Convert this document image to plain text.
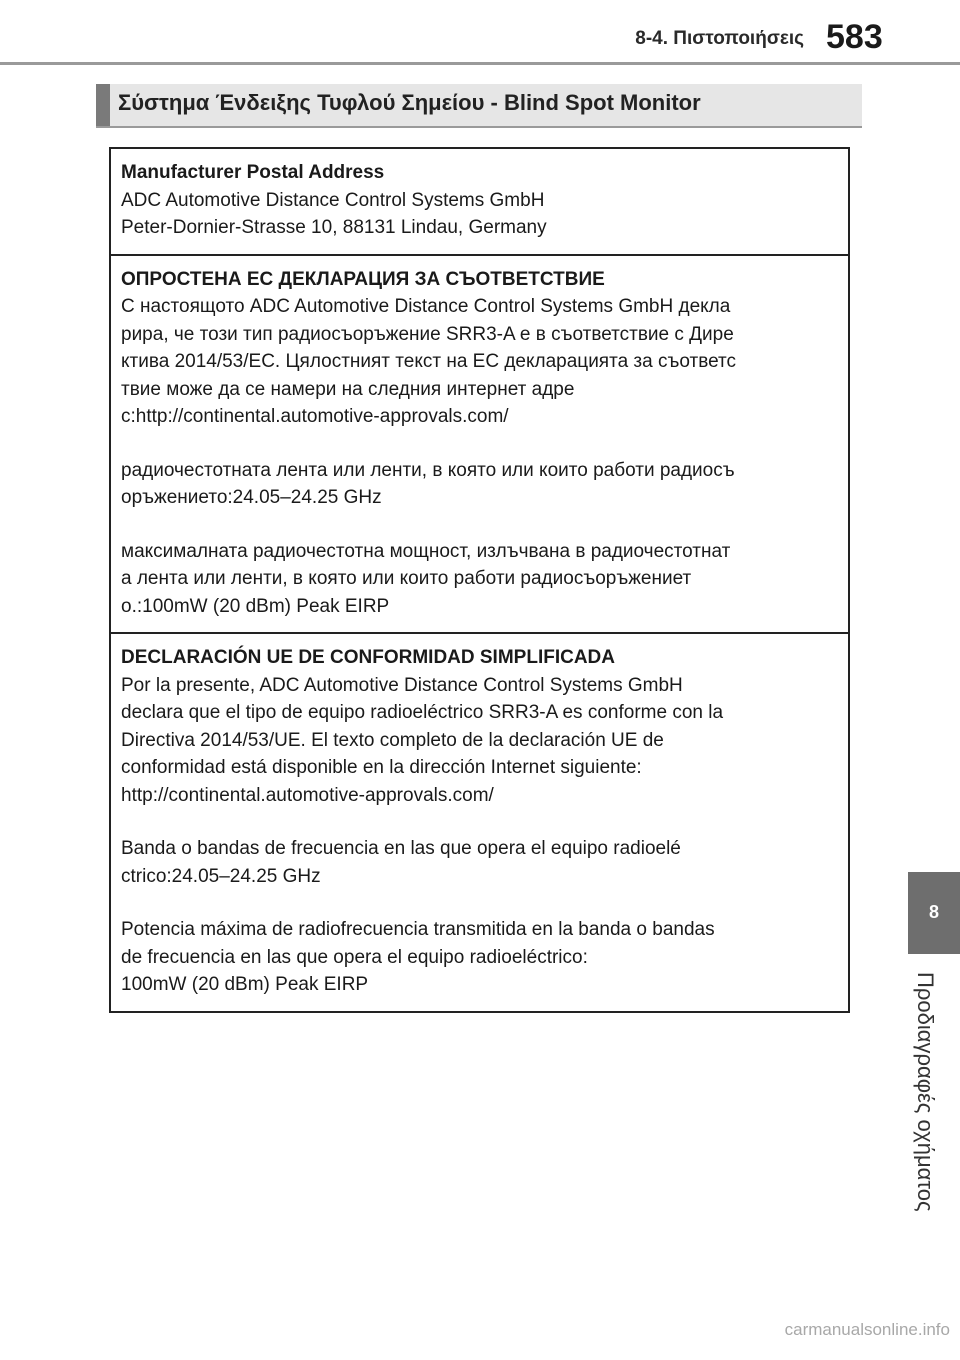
8-4. Πιστοποιήσεις 583
Σύστημα Ένδειξης Τυφλού Σημείου - Blind Spot Monitor
Manufacturer Postal Address
ADC Automotive Distance Control Systems GmbH
Peter-Dornier-Strasse 10, 88131 Lindau, Germany
ОПРОСТЕНА ЕС ДЕКЛАРАЦИЯ ЗА СЪОТВЕТСТВИЕ
С настоящото ADC Automotive Distance Control Systems GmbH декла
рира, че този тип радиосъоръжение SRR3-A е в съответствие с Дире
ктива 2014/53/ЕС. Цялостният текст на ЕС декларацията за съответс
твие може да се намери на следния интернет адре
с:http://continental.automotive-approvals.com/
радиочестотната лента или ленти, в която или които работи радиосъ
оръжението:24.05–24.25 GHz
максималната радиочестотна мощност, излъчвана в радиочестотнат
а лента или ленти, в която или които работи радиосъоръжениет
о.:100mW (20 dBm) Peak EIRP
DECLARACIÓN UE DE CONFORMIDAD SIMPLIFICADA
Por la presente, ADC Automotive Distance Control Systems GmbH
declara que el tipo de equipo radioeléctrico SRR3-A es conforme con la
Directiva 2014/53/UE. El texto completo de la declaración UE de
conformidad está disponible en la dirección Internet siguiente:
http://continental.automotive-approvals.com/
Banda o bandas de frecuencia en las que opera el equipo radioelé
ctrico:24.05–24.25 GHz
Potencia máxima de radiofrecuencia transmitida en la banda o bandas
de frecuencia en las que opera el equipo radioeléctrico:
100mW (20 dBm) Peak EIRP
8
Προδιαγραφές οχήματος
carmanualsonline.info
